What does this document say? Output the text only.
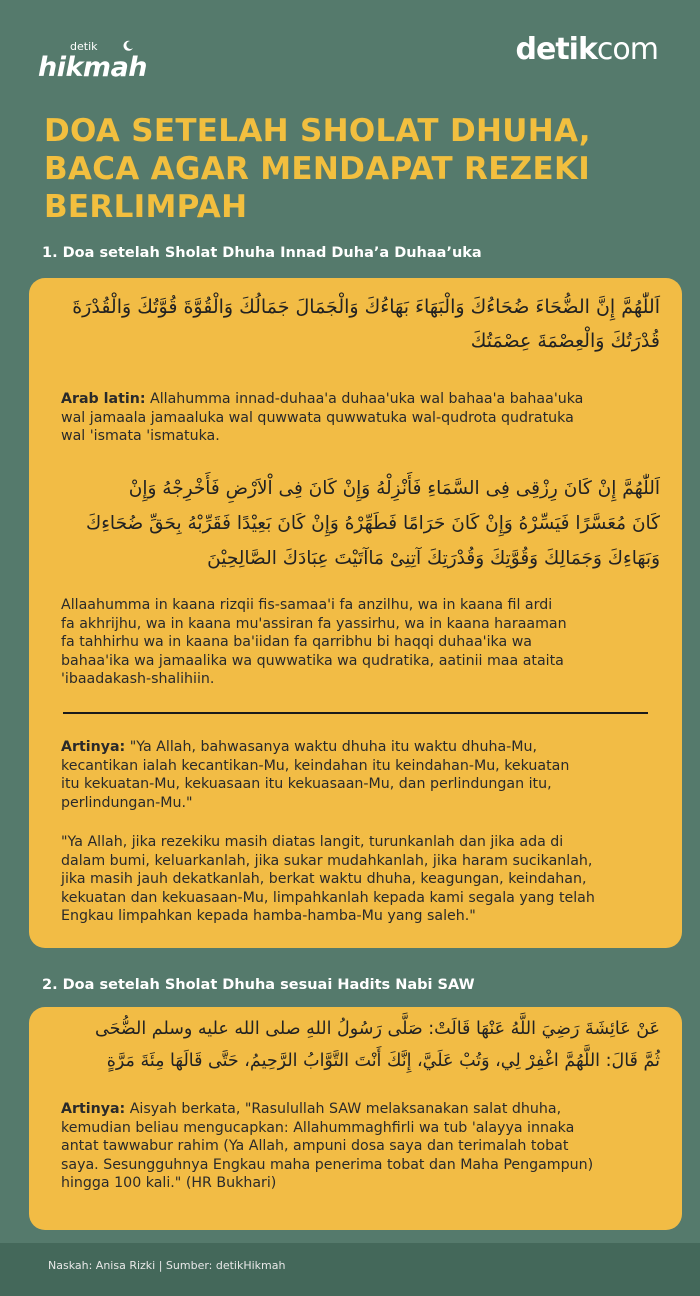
detik
hikmah
detikcom
DOA SETELAH SHOLAT DHUHA,
BACA AGAR MENDAPAT REZEKI
BERLIMPAH
1. Doa setelah Sholat Dhuha Innad Duha’a Duhaa’uka
اَللّٰهُمَّ إِنَّ الضُّحَاءَ ضُحَاءُكَ وَالْبَهَاءَ بَهَاءُكَ وَالْجَمَالَ جَمَالُكَ وَالْقُوَّةَ قُوَّتُكَ وَالْقُدْرَةَ
قُدْرَتُكَ وَالْعِصْمَةَ عِصْمَتُكَ
Arab latin: Allahumma innad-duhaa'a duhaa'uka wal bahaa'a bahaa'uka
wal jamaala jamaaluka wal quwwata quwwatuka wal-qudrota qudratuka
wal 'ismata 'ismatuka.
اَللّٰهُمَّ إِنْ كَانَ رِزْقِى فِى السَّمَاءِ فَأَنْزِلْهُ وَإِنْ كَانَ فِى اْلاَرْضِ فَأَخْرِجْهُ وَإِنْ
كَانَ مُعَسَّرًا فَيَسِّرْهُ وَإِنْ كَانَ حَرَامًا فَطَهِّرْهُ وَإِنْ كَانَ بَعِيْدًا فَقَرِّبْهُ بِحَقِّ ضُحَاءِكَ
وَبَهَاءِكَ وَجَمَالِكَ وَقُوَّتِكَ وَقُدْرَتِكَ آتِنِىْ مَاآتَيْتَ عِبَادَكَ الصَّالِحِيْنَ
Allaahumma in kaana rizqii fis-samaa'i fa anzilhu, wa in kaana fil ardi
fa akhrijhu, wa in kaana mu'assiran fa yassirhu, wa in kaana haraaman
fa tahhirhu wa in kaana ba'iidan fa qarribhu bi haqqi duhaa'ika wa
bahaa'ika wa jamaalika wa quwwatika wa qudratika, aatinii maa ataita
'ibaadakash-shalihiin.
Artinya: "Ya Allah, bahwasanya waktu dhuha itu waktu dhuha-Mu,
kecantikan ialah kecantikan-Mu, keindahan itu keindahan-Mu, kekuatan
itu kekuatan-Mu, kekuasaan itu kekuasaan-Mu, dan perlindungan itu,
perlindungan-Mu."
"Ya Allah, jika rezekiku masih diatas langit, turunkanlah dan jika ada di
dalam bumi, keluarkanlah, jika sukar mudahkanlah, jika haram sucikanlah,
jika masih jauh dekatkanlah, berkat waktu dhuha, keagungan, keindahan,
kekuatan dan kekuasaan-Mu, limpahkanlah kepada kami segala yang telah
Engkau limpahkan kepada hamba-hamba-Mu yang saleh."
2. Doa setelah Sholat Dhuha sesuai Hadits Nabi SAW
عَنْ عَائِشَةَ رَضِيَ اللَّهُ عَنْهَا قَالَتْ: صَلَّى رَسُولُ اللهِ صلى الله عليه وسلم الضُّحَى
ثُمَّ قَالَ: اللَّهُمَّ اغْفِرْ لِي، وَتُبْ عَلَيَّ، إِنَّكَ أَنْتَ التَّوَّابُ الرَّحِيمُ، حَتَّى قَالَهَا مِئَةَ مَرَّةٍ
Artinya: Aisyah berkata, "Rasulullah SAW melaksanakan salat dhuha,
kemudian beliau mengucapkan: Allahummaghfirli wa tub 'alayya innaka
antat tawwabur rahim (Ya Allah, ampuni dosa saya dan terimalah tobat
saya. Sesungguhnya Engkau maha penerima tobat dan Maha Pengampun)
hingga 100 kali." (HR Bukhari)
Naskah: Anisa Rizki | Sumber: detikHikmah
